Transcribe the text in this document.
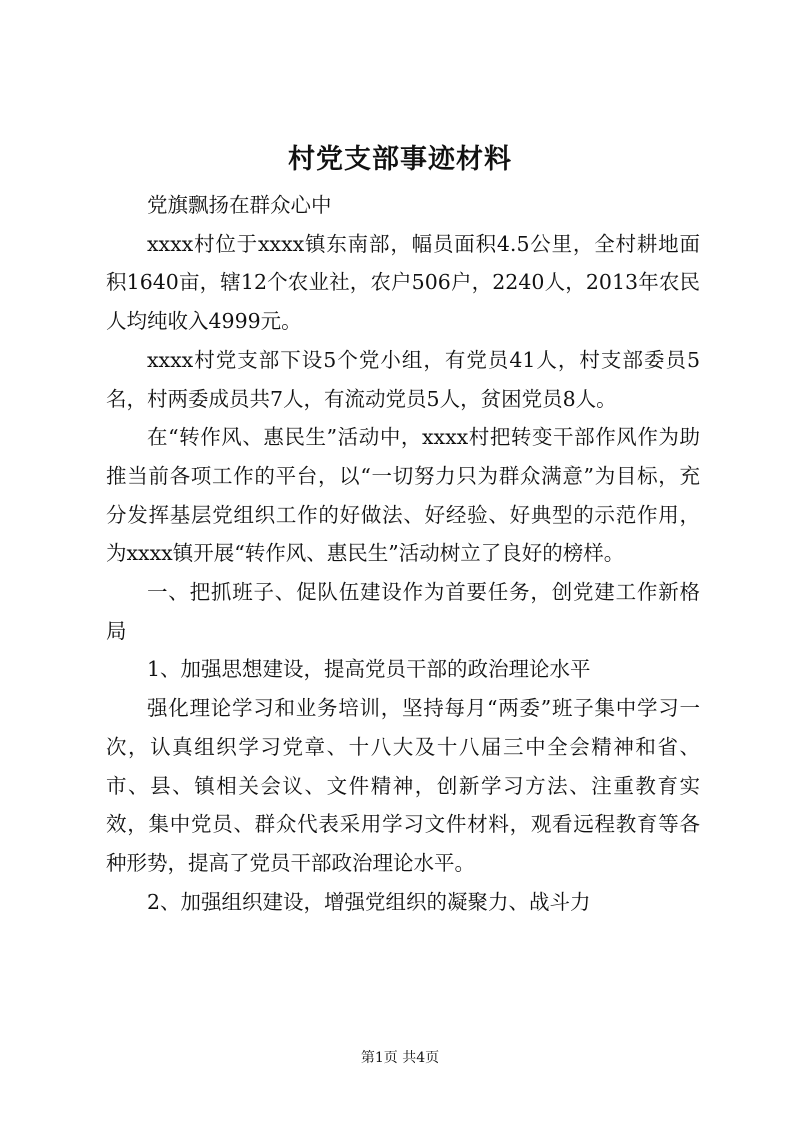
村党支部事迹材料

党旗飘扬在群众心中

xxxx村位于xxxx镇东南部，幅员面积4.5公里，全村耕地面积1640亩，辖12个农业社，农户506户，2240人，2013年农民人均纯收入4999元。

xxxx村党支部下设5个党小组，有党员41人，村支部委员5名，村两委成员共7人，有流动党员5人，贫困党员8人。

在“转作风、惠民生”活动中，xxxx村把转变干部作风作为助推当前各项工作的平台，以“一切努力只为群众满意”为目标，充分发挥基层党组织工作的好做法、好经验、好典型的示范作用，为xxxx镇开展“转作风、惠民生”活动树立了良好的榜样。

一、把抓班子、促队伍建设作为首要任务，创党建工作新格局

1、加强思想建设，提高党员干部的政治理论水平

强化理论学习和业务培训，坚持每月“两委”班子集中学习一次，认真组织学习党章、十八大及十八届三中全会精神和省、市、县、镇相关会议、文件精神，创新学习方法、注重教育实效，集中党员、群众代表采用学习文件材料，观看远程教育等各种形势，提高了党员干部政治理论水平。

2、加强组织建设，增强党组织的凝聚力、战斗力

第1页 共4页
